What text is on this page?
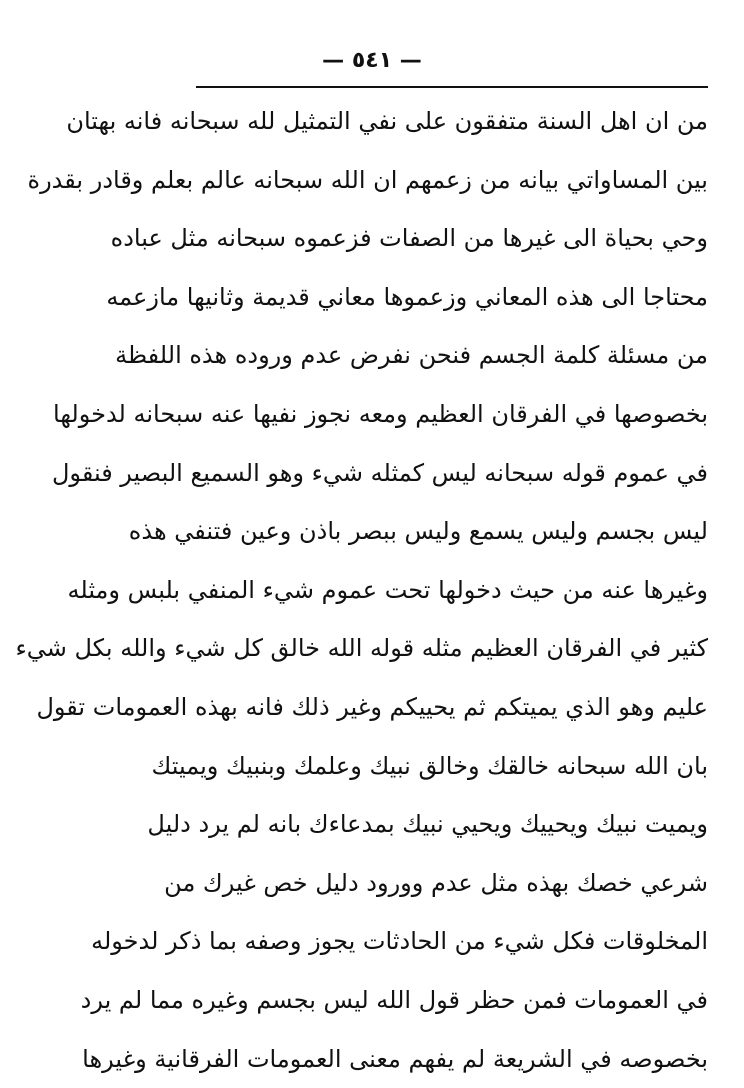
— ٥٤١ —
من ان اهل السنة متفقون على نفي التمثيل لله سبحانه فانه بهتان
بين المساواتي بيانه من زعمهم ان الله سبحانه عالم بعلم وقادر بقدرة
وحي بحياة الى غيرها من الصفات فزعموه سبحانه مثل عباده
محتاجا الى هذه المعاني وزعموها معاني قديمة وثانيها مازعمه
من مسئلة كلمة الجسم فنحن نفرض عدم وروده هذه اللفظة
بخصوصها في الفرقان العظيم ومعه نجوز نفيها عنه سبحانه لدخولها
في عموم قوله سبحانه ليس كمثله شيء وهو السميع البصير فنقول
ليس بجسم وليس يسمع وليس ببصر باذن وعين فتنفي هذه
وغيرها عنه من حيث دخولها تحت عموم شيء المنفي بلبس ومثله
كثير في الفرقان العظيم مثله قوله الله خالق كل شيء والله بكل شيء
عليم وهو الذي يميتكم ثم يحييكم وغير ذلك فانه بهذه العمومات تقول
بان الله سبحانه خالقك وخالق نبيك وعلمك وبنبيك ويميتك
ويميت نبيك ويحييك ويحيي نبيك بمدعاءك بانه لم يرد دليل
شرعي خصك بهذه مثل عدم وورود دليل خص غيرك من
المخلوقات فكل شيء من الحادثات يجوز وصفه بما ذكر لدخوله
في العمومات فمن حظر قول الله ليس بجسم وغيره مما لم يرد
بخصوصه في الشريعة لم يفهم معنى العمومات الفرقانية وغيرها
